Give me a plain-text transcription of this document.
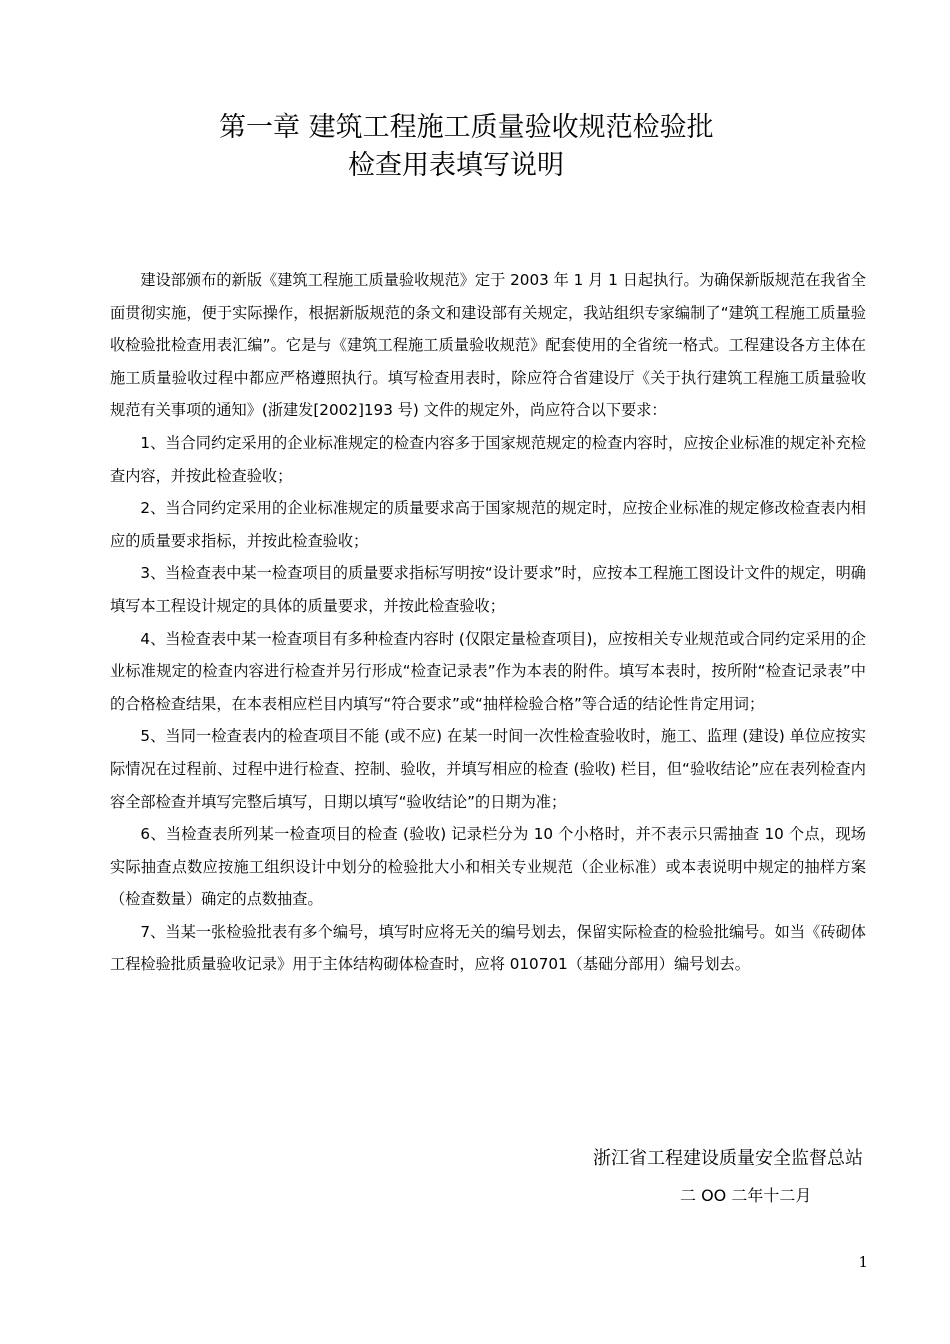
第一章 建筑工程施工质量验收规范检验批
检查用表填写说明

建设部颁布的新版《建筑工程施工质量验收规范》定于 2003 年 1 月 1 日起执行。为确保新版规范在我省全面贯彻实施，便于实际操作，根据新版规范的条文和建设部有关规定，我站组织专家编制了“建筑工程施工质量验收检验批检查用表汇编”。它是与《建筑工程施工质量验收规范》配套使用的全省统一格式。工程建设各方主体在施工质量验收过程中都应严格遵照执行。填写检查用表时，除应符合省建设厅《关于执行建筑工程施工质量验收规范有关事项的通知》(浙建发[2002]193 号) 文件的规定外，尚应符合以下要求：

1、当合同约定采用的企业标准规定的检查内容多于国家规范规定的检查内容时，应按企业标准的规定补充检查内容，并按此检查验收；

2、当合同约定采用的企业标准规定的质量要求高于国家规范的规定时，应按企业标准的规定修改检查表内相应的质量要求指标，并按此检查验收；

3、当检查表中某一检查项目的质量要求指标写明按“设计要求”时，应按本工程施工图设计文件的规定，明确填写本工程设计规定的具体的质量要求，并按此检查验收；

4、当检查表中某一检查项目有多种检查内容时 (仅限定量检查项目)，应按相关专业规范或合同约定采用的企业标准规定的检查内容进行检查并另行形成“检查记录表”作为本表的附件。填写本表时，按所附“检查记录表”中的合格检查结果，在本表相应栏目内填写“符合要求”或“抽样检验合格”等合适的结论性肯定用词；

5、当同一检查表内的检查项目不能 (或不应) 在某一时间一次性检查验收时，施工、监理 (建设) 单位应按实际情况在过程前、过程中进行检查、控制、验收，并填写相应的检查 (验收) 栏目，但“验收结论”应在表列检查内容全部检查并填写完整后填写，日期以填写“验收结论”的日期为准；

6、当检查表所列某一检查项目的检查 (验收) 记录栏分为 10 个小格时，并不表示只需抽查 10 个点，现场实际抽查点数应按施工组织设计中划分的检验批大小和相关专业规范（企业标准）或本表说明中规定的抽样方案（检查数量）确定的点数抽查。

7、当某一张检验批表有多个编号，填写时应将无关的编号划去，保留实际检查的检验批编号。如当《砖砌体工程检验批质量验收记录》用于主体结构砌体检查时，应将 010701（基础分部用）编号划去。

浙江省工程建设质量安全监督总站
二 OO 二年十二月
1
